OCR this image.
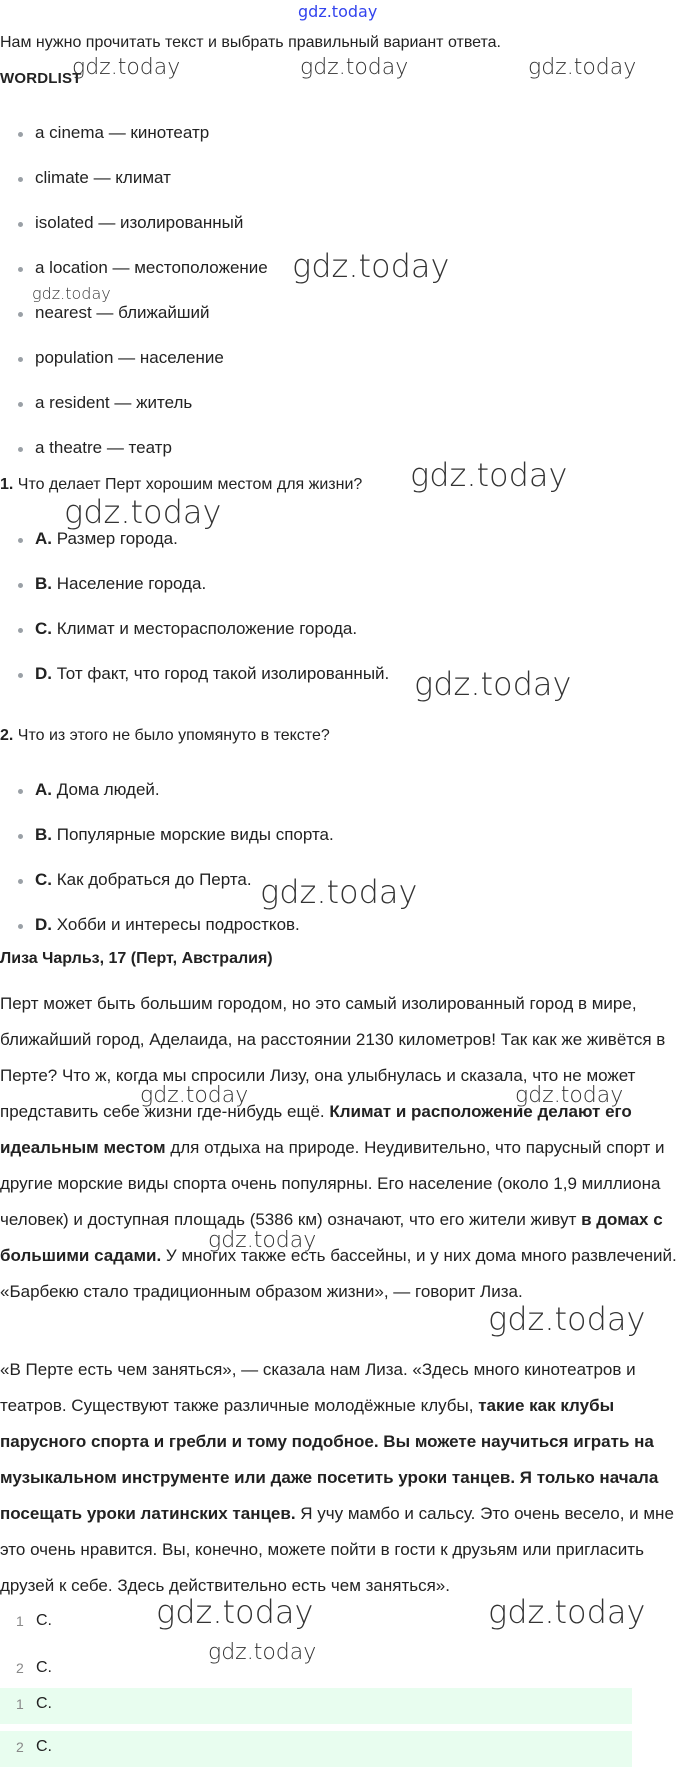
gdz.today
Нам нужно прочитать текст и выбрать правильный вариант ответа.
WORDLIST
a cinema — кинотеатр
climate — климат
isolated — изолированный
a location — местоположение
nearest — ближайший
population — население
a resident — житель
a theatre — театр
1. Что делает Перт хорошим местом для жизни?
A. Размер города.
B. Население города.
C. Климат и месторасположение города.
D. Тот факт, что город такой изолированный.
2. Что из этого не было упомянуто в тексте?
A. Дома людей.
B. Популярные морские виды спорта.
C. Как добраться до Перта.
D. Хобби и интересы подростков.
Лиза Чарльз, 17 (Перт, Австралия)
Перт может быть большим городом, но это самый изолированный город в мире, ближайший город, Аделаида, на расстоянии 2130 километров! Так как же живётся в Перте? Что ж, когда мы спросили Лизу, она улыбнулась и сказала, что не может представить себе жизни где-нибудь ещё. Климат и расположение делают его идеальным местом для отдыха на природе. Неудивительно, что парусный спорт и другие морские виды спорта очень популярны. Его население (около 1,9 миллиона человек) и доступная площадь (5386 км) означают, что его жители живут в домах с большими садами. У многих также есть бассейны, и у них дома много развлечений. «Барбекю стало традиционным образом жизни», — говорит Лиза.
«В Перте есть чем заняться», — сказала нам Лиза. «Здесь много кинотеатров и театров. Существуют также различные молодёжные клубы, такие как клубы парусного спорта и гребли и тому подобное. Вы можете научиться играть на музыкальном инструменте или даже посетить уроки танцев. Я только начала посещать уроки латинских танцев. Я учу мамбо и сальсу. Это очень весело, и мне это очень нравится. Вы, конечно, можете пойти в гости к друзьям или пригласить друзей к себе. Здесь действительно есть чем заняться».
1 C.
2 C.
1 C.
2 C.
gdz.today	gdz.today	gdz.today
gdz.today
gdz.today
gdz.today
gdz.today
gdz.today
gdz.today
gdz.today	gdz.today
gdz.today
gdz.today
gdz.today	gdz.today
gdz.today
